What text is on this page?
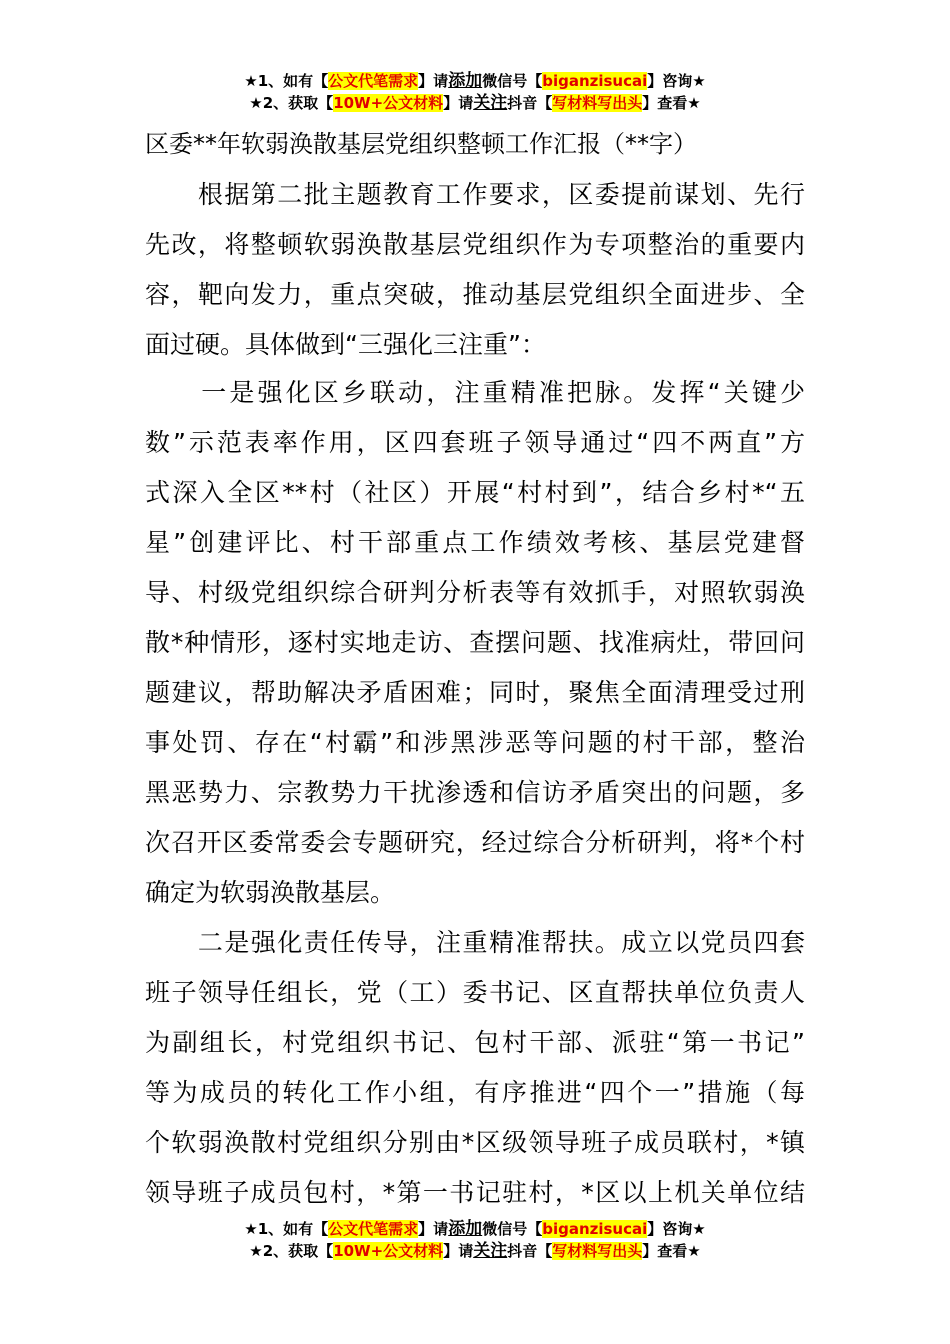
★1、如有【公文代笔需求】请添加微信号【biganzisucai】咨询★
★2、获取【10W+公文材料】请关注抖音【写材料写出头】查看★
区委**年软弱涣散基层党组织整顿工作汇报（**字）
　　根据第二批主题教育工作要求，区委提前谋划、先行
先改，将整顿软弱涣散基层党组织作为专项整治的重要内
容，靶向发力，重点突破，推动基层党组织全面进步、全
面过硬。具体做到“三强化三注重”：
　　一是强化区乡联动，注重精准把脉。发挥“关键少
数”示范表率作用，区四套班子领导通过“四不两直”方
式深入全区**村（社区）开展“村村到”，结合乡村*“五
星”创建评比、村干部重点工作绩效考核、基层党建督
导、村级党组织综合研判分析表等有效抓手，对照软弱涣
散*种情形，逐村实地走访、查摆问题、找准病灶，带回问
题建议，帮助解决矛盾困难；同时，聚焦全面清理受过刑
事处罚、存在“村霸”和涉黑涉恶等问题的村干部，整治
黑恶势力、宗教势力干扰渗透和信访矛盾突出的问题，多
次召开区委常委会专题研究，经过综合分析研判，将*个村
确定为软弱涣散基层。
　　二是强化责任传导，注重精准帮扶。成立以党员四套
班子领导任组长，党（工）委书记、区直帮扶单位负责人
为副组长，村党组织书记、包村干部、派驻“第一书记”
等为成员的转化工作小组，有序推进“四个一”措施（每
个软弱涣散村党组织分别由*区级领导班子成员联村，*镇
领导班子成员包村，*第一书记驻村，*区以上机关单位结
★1、如有【公文代笔需求】请添加微信号【biganzisucai】咨询★
★2、获取【10W+公文材料】请关注抖音【写材料写出头】查看★
